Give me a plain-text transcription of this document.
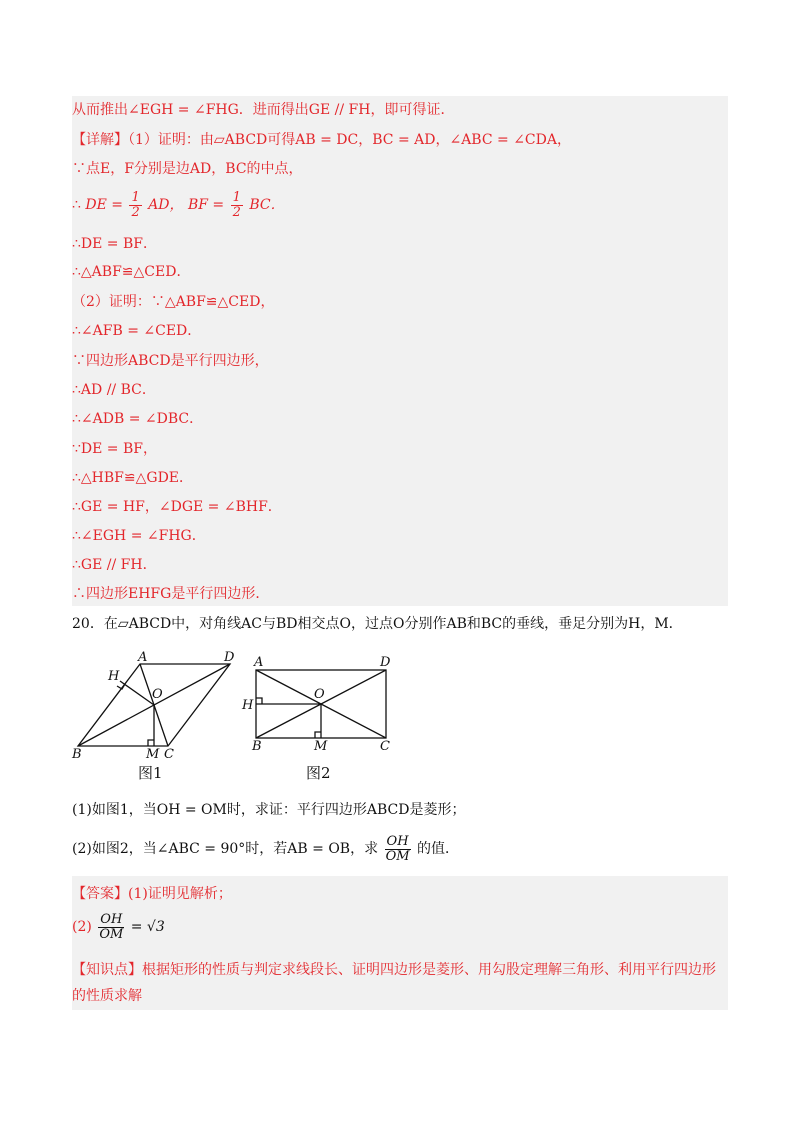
从而推出∠EGH = ∠FHG．进而得出GE // FH，即可得证．
【详解】（1）证明：由▱ABCD可得AB = DC，BC = AD，∠ABC = ∠CDA，
∵点E，F分别是边AD，BC的中点，
∴ DE = $\frac{1}{2}$ AD， BF = $\frac{1}{2}$ BC．
∴DE = BF．
∴△ABF≌△CED．
（2）证明：∵△ABF≌△CED，
∴∠AFB = ∠CED．
∵四边形ABCD是平行四边形，
∴AD // BC．
∴∠ADB = ∠DBC．
∵DE = BF，
∴△HBF≌△GDE．
∴GE = HF，∠DGE = ∠BHF．
∴∠EGH = ∠FHG．
∴GE // FH．
∴四边形EHFG是平行四边形．
20．在▱ABCD中，对角线AC与BD相交点O，过点O分别作AB和BC的垂线，垂足分别为H，M．
A	D
H
O
B	M C
图1
A	D
H
O
B	M	C
图2
(1)如图1，当OH = OM时，求证：平行四边形ABCD是菱形；
(2)如图2，当∠ABC = 90°时，若AB = OB，求 $\frac{OH}{OM}$ 的值．
【答案】(1)证明见解析；
$(2) \frac{OH}{OM} = √3$
【知识点】根据矩形的性质与判定求线段长、证明四边形是菱形、用勾股定理解三角形、利用平行四边形
的性质求解
